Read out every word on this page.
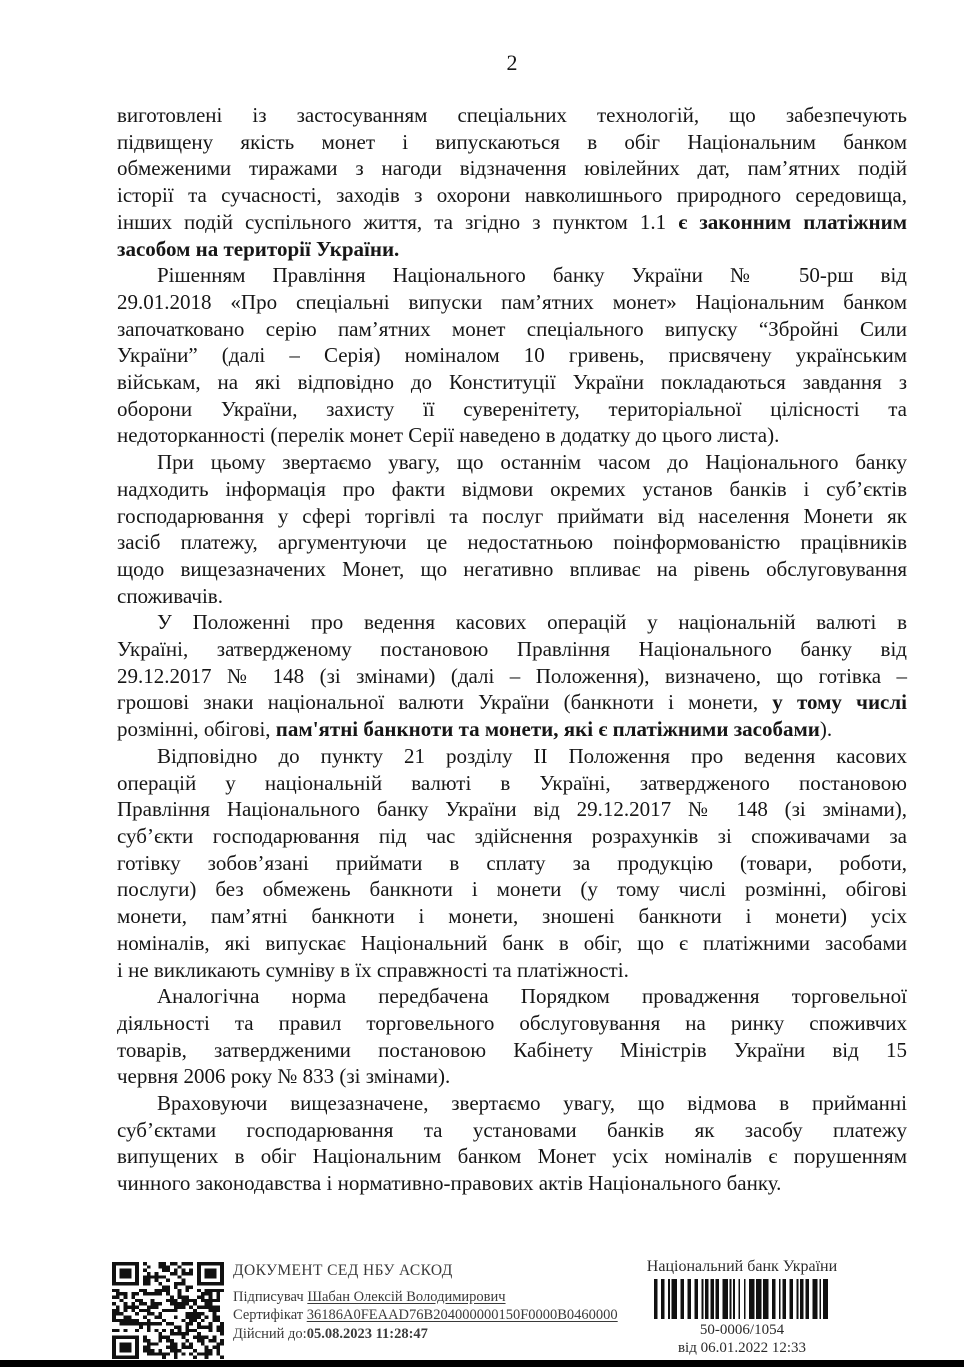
2
виготовлені із застосуванням спеціальних технологій, що забезпечують
підвищену якість монет і випускаються в обіг Національним банком
обмеженими тиражами з нагоди відзначення ювілейних дат, пам’ятних подій
історії та сучасності, заходів з охорони навколишнього природного середовища,
інших подій суспільного життя, та згідно з пунктом 1.1 є законним платіжним
засобом на території України.
Рішенням Правління Національного банку України № 50-рш від
29.01.2018 «Про спеціальні випуски пам’ятних монет» Національним банком
започатковано серію пам’ятних монет спеціального випуску “Збройні Сили
України” (далі – Серія) номіналом 10 гривень, присвячену українським
військам, на які відповідно до Конституції України покладаються завдання з
оборони України, захисту її суверенітету, територіальної цілісності та
недоторканності (перелік монет Серії наведено в додатку до цього листа).
При цьому звертаємо увагу, що останнім часом до Національного банку
надходить інформація про факти відмови окремих установ банків і суб’єктів
господарювання у сфері торгівлі та послуг приймати від населення Монети як
засіб платежу, аргументуючи це недостатньою поінформованістю працівників
щодо вищезазначених Монет, що негативно впливає на рівень обслуговування
споживачів.
У Положенні про ведення касових операцій у національній валюті в
Україні, затвердженому постановою Правління Національного банку від
29.12.2017 № 148 (зі змінами) (далі – Положення), визначено, що готівка –
грошові знаки національної валюти України (банкноти і монети, у тому числі
розмінні, обігові, пам'ятні банкноти та монети, які є платіжними засобами).
Відповідно до пункту 21 розділу ІІ Положення про ведення касових
операцій у національній валюті в Україні, затвердженого постановою
Правління Національного банку України від 29.12.2017 № 148 (зі змінами),
суб’єкти господарювання під час здійснення розрахунків зі споживачами за
готівку зобов’язані приймати в сплату за продукцію (товари, роботи,
послуги) без обмежень банкноти і монети (у тому числі розмінні, обігові
монети, пам’ятні банкноти і монети, зношені банкноти і монети) усіх
номіналів, які випускає Національний банк в обіг, що є платіжними засобами
і не викликають сумніву в їх справжності та платіжності.
Аналогічна норма передбачена Порядком провадження торговельної
діяльності та правил торговельного обслуговування на ринку споживчих
товарів, затвердженими постановою Кабінету Міністрів України від 15
червня 2006 року № 833 (зі змінами).
Враховуючи вищезазначене, звертаємо увагу, що відмова в прийманні
суб’єктами господарювання та установами банків як засобу платежу
випущених в обіг Національним банком Монет усіх номіналів є порушенням
чинного законодавства і нормативно-правових актів Національного банку.
ДОКУМЕНТ СЕД НБУ АСКОД
Підписувач Шабан Олексій Володимирович
Сертифікат 36186A0FEAAD76B204000000150F0000B0460000
Дійсний до:05.08.2023 11:28:47
Національний банк України
50-0006/1054
від 06.01.2022 12:33
